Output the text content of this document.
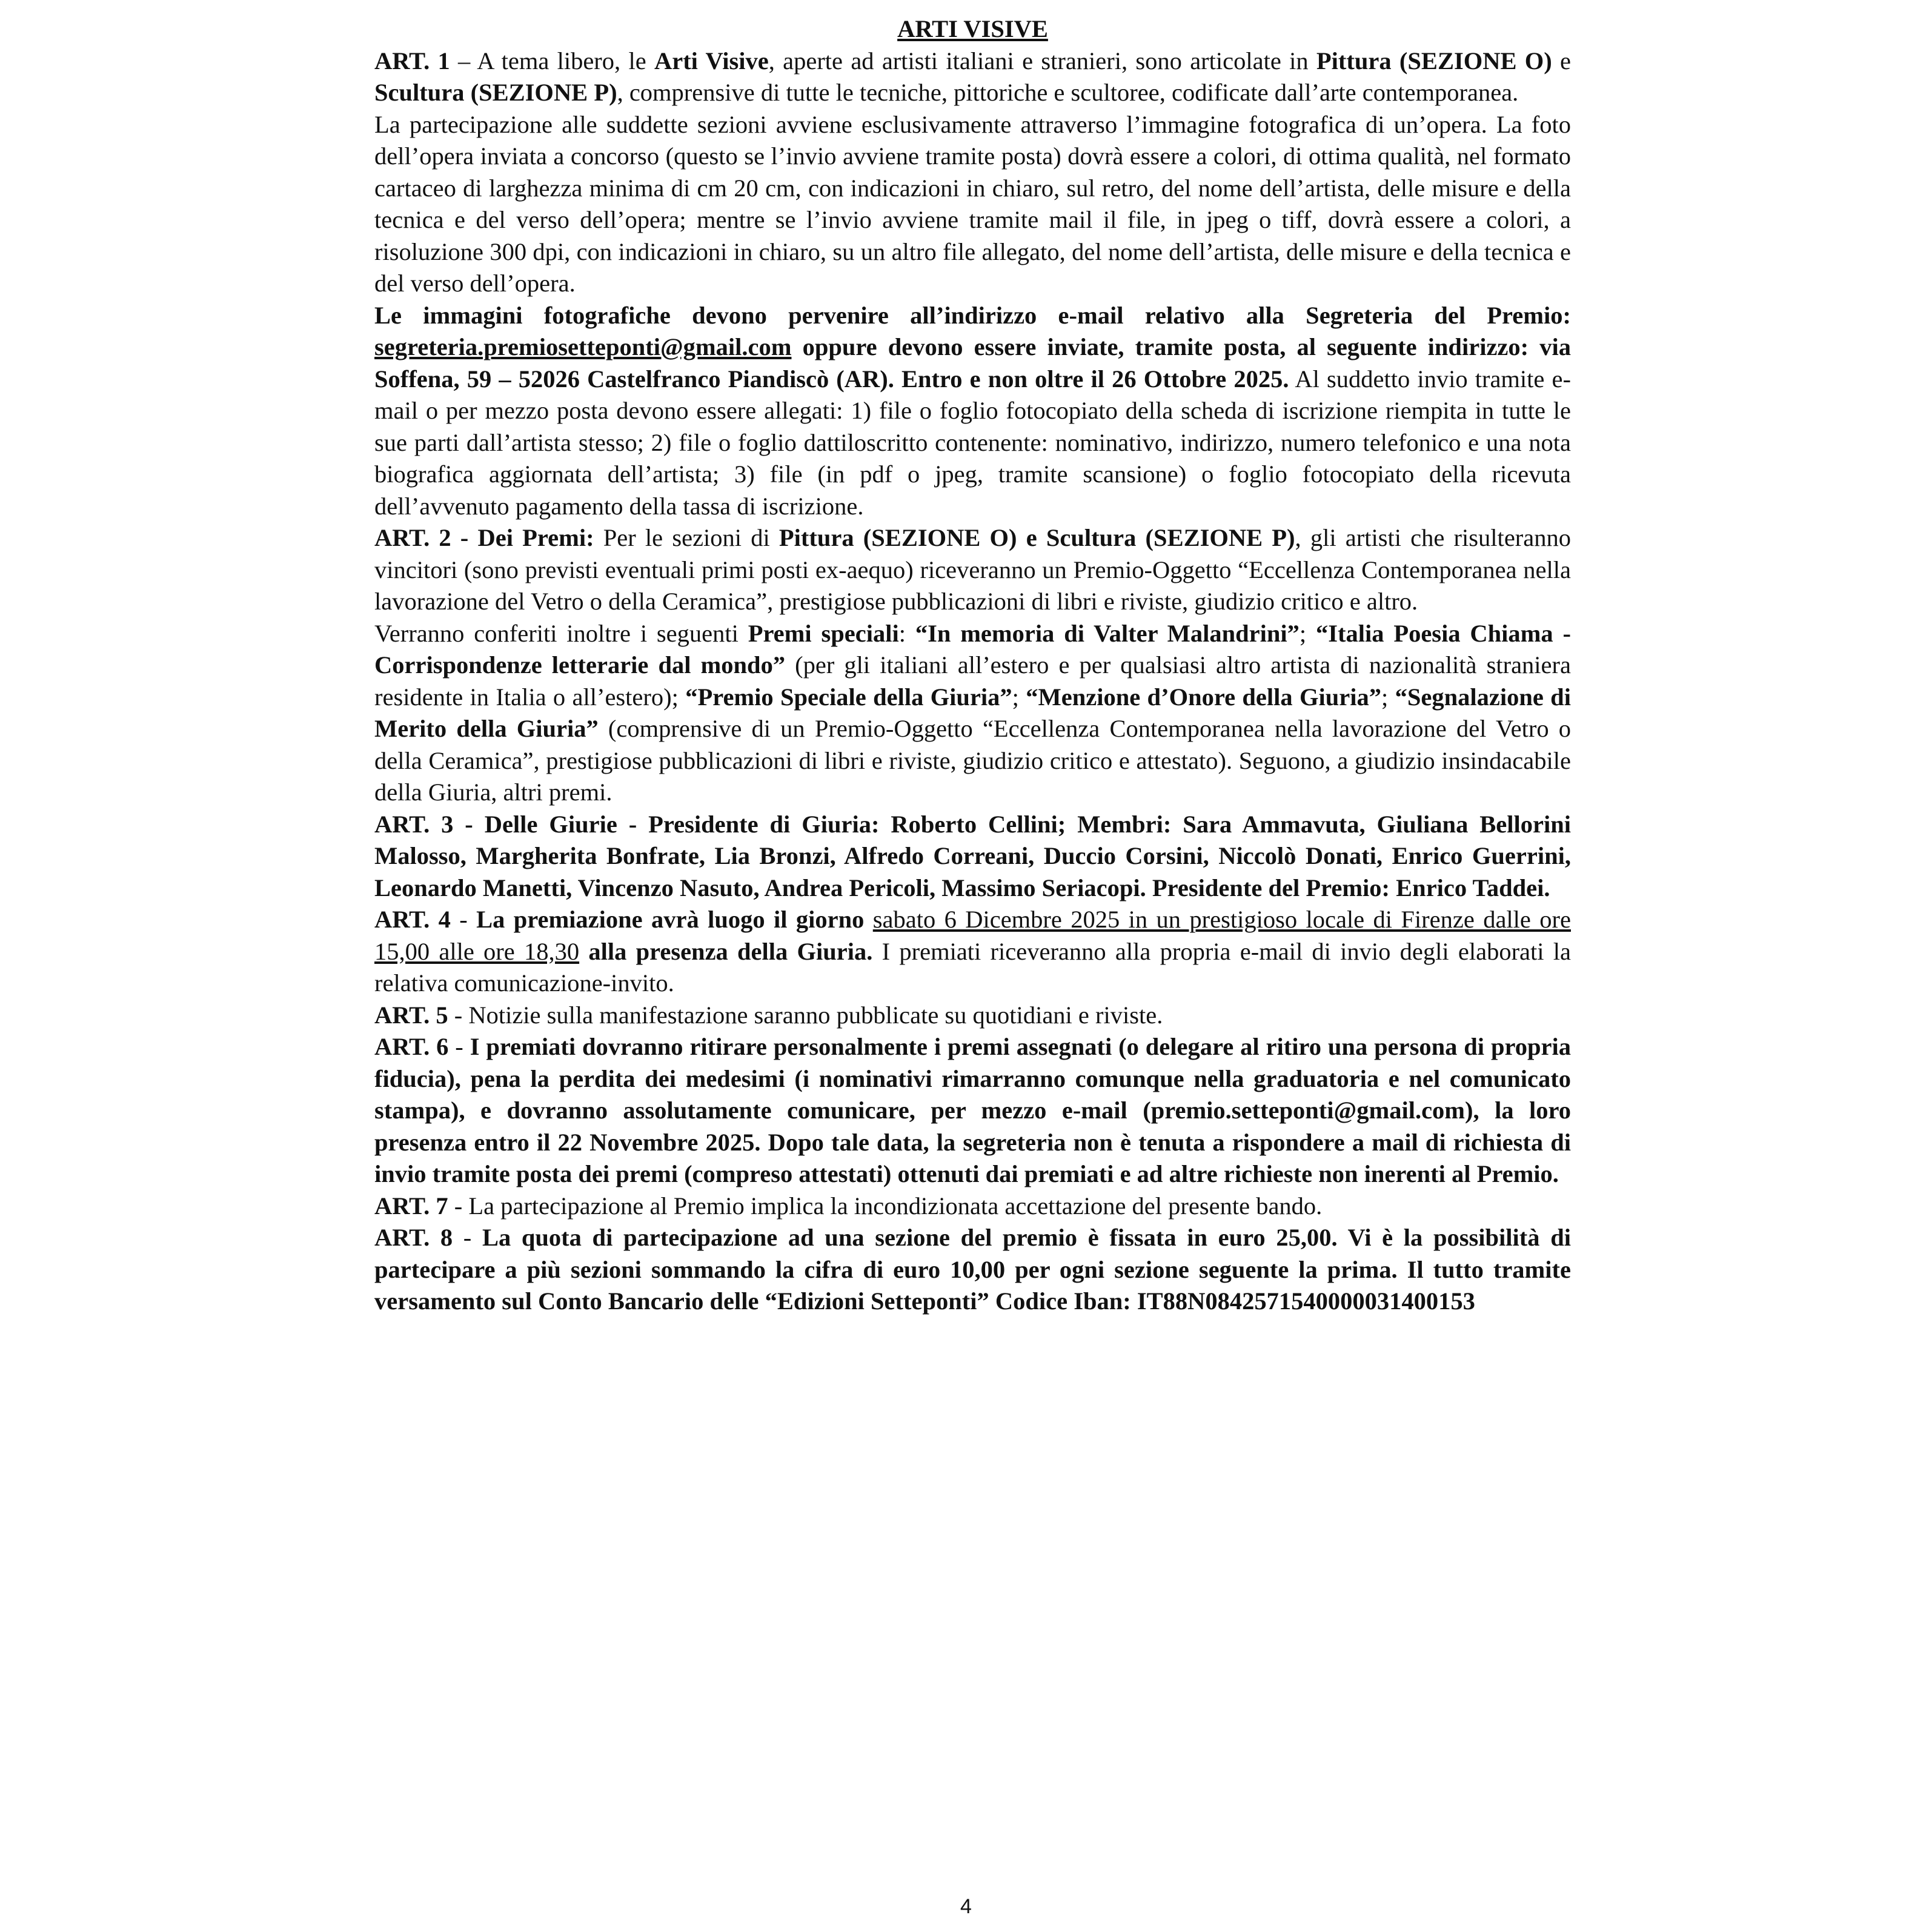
ARTI VISIVE

ART. 1 – A tema libero, le Arti Visive, aperte ad artisti italiani e stranieri, sono articolate in Pittura (SEZIONE O) e Scultura (SEZIONE P), comprensive di tutte le tecniche, pittoriche e scultoree, codificate dall’arte contemporanea.

La partecipazione alle suddette sezioni avviene esclusivamente attraverso l’immagine fotografica di un’opera. La foto dell’opera inviata a concorso (questo se l’invio avviene tramite posta) dovrà essere a colori, di ottima qualità, nel formato cartaceo di larghezza minima di cm 20 cm, con indicazioni in chiaro, sul retro, del nome dell’artista, delle misure e della tecnica e del verso dell’opera; mentre se l’invio avviene tramite mail il file, in jpeg o tiff, dovrà essere a colori, a risoluzione 300 dpi, con indicazioni in chiaro, su un altro file allegato, del nome dell’artista, delle misure e della tecnica e del verso dell’opera.

Le immagini fotografiche devono pervenire all’indirizzo e-mail relativo alla Segreteria del Premio: segreteria.premiosetteponti@gmail.com oppure devono essere inviate, tramite posta, al seguente indirizzo: via Soffena, 59 – 52026 Castelfranco Piandiscò (AR). Entro e non oltre il 26 Ottobre 2025. Al suddetto invio tramite e-mail o per mezzo posta devono essere allegati: 1) file o foglio fotocopiato della scheda di iscrizione riempita in tutte le sue parti dall’artista stesso; 2) file o foglio dattiloscritto contenente: nominativo, indirizzo, numero telefonico e una nota biografica aggiornata dell’artista; 3) file (in pdf o jpeg, tramite scansione) o foglio fotocopiato della ricevuta dell’avvenuto pagamento della tassa di iscrizione.

ART. 2 - Dei Premi: Per le sezioni di Pittura (SEZIONE O) e Scultura (SEZIONE P), gli artisti che risulteranno vincitori (sono previsti eventuali primi posti ex-aequo) riceveranno un Premio-Oggetto “Eccellenza Contemporanea nella lavorazione del Vetro o della Ceramica”, prestigiose pubblicazioni di libri e riviste, giudizio critico e altro.

Verranno conferiti inoltre i seguenti Premi speciali: “In memoria di Valter Malandrini”; “Italia Poesia Chiama - Corrispondenze letterarie dal mondo” (per gli italiani all’estero e per qualsiasi altro artista di nazionalità straniera residente in Italia o all’estero); “Premio Speciale della Giuria”; “Menzione d’Onore della Giuria”; “Segnalazione di Merito della Giuria” (comprensive di un Premio-Oggetto “Eccellenza Contemporanea nella lavorazione del Vetro o della Ceramica”, prestigiose pubblicazioni di libri e riviste, giudizio critico e attestato). Seguono, a giudizio insindacabile della Giuria, altri premi.

ART. 3 - Delle Giurie - Presidente di Giuria: Roberto Cellini; Membri: Sara Ammavuta, Giuliana Bellorini Malosso, Margherita Bonfrate, Lia Bronzi, Alfredo Correani, Duccio Corsini, Niccolò Donati, Enrico Guerrini, Leonardo Manetti, Vincenzo Nasuto, Andrea Pericoli, Massimo Seriacopi. Presidente del Premio: Enrico Taddei.

ART. 4 - La premiazione avrà luogo il giorno sabato 6 Dicembre 2025 in un prestigioso locale di Firenze dalle ore 15,00 alle ore 18,30 alla presenza della Giuria. I premiati riceveranno alla propria e-mail di invio degli elaborati la relativa comunicazione-invito.

ART. 5 - Notizie sulla manifestazione saranno pubblicate su quotidiani e riviste.

ART. 6 - I premiati dovranno ritirare personalmente i premi assegnati (o delegare al ritiro una persona di propria fiducia), pena la perdita dei medesimi (i nominativi rimarranno comunque nella graduatoria e nel comunicato stampa), e dovranno assolutamente comunicare, per mezzo e-mail (premio.setteponti@gmail.com), la loro presenza entro il 22 Novembre 2025. Dopo tale data, la segreteria non è tenuta a rispondere a mail di richiesta di invio tramite posta dei premi (compreso attestati) ottenuti dai premiati e ad altre richieste non inerenti al Premio.

ART. 7 - La partecipazione al Premio implica la incondizionata accettazione del presente bando.

ART. 8 - La quota di partecipazione ad una sezione del premio è fissata in euro 25,00. Vi è la possibilità di partecipare a più sezioni sommando la cifra di euro 10,00 per ogni sezione seguente la prima. Il tutto tramite versamento sul Conto Bancario delle “Edizioni Setteponti” Codice Iban: IT88N0842571540000031400153

4
